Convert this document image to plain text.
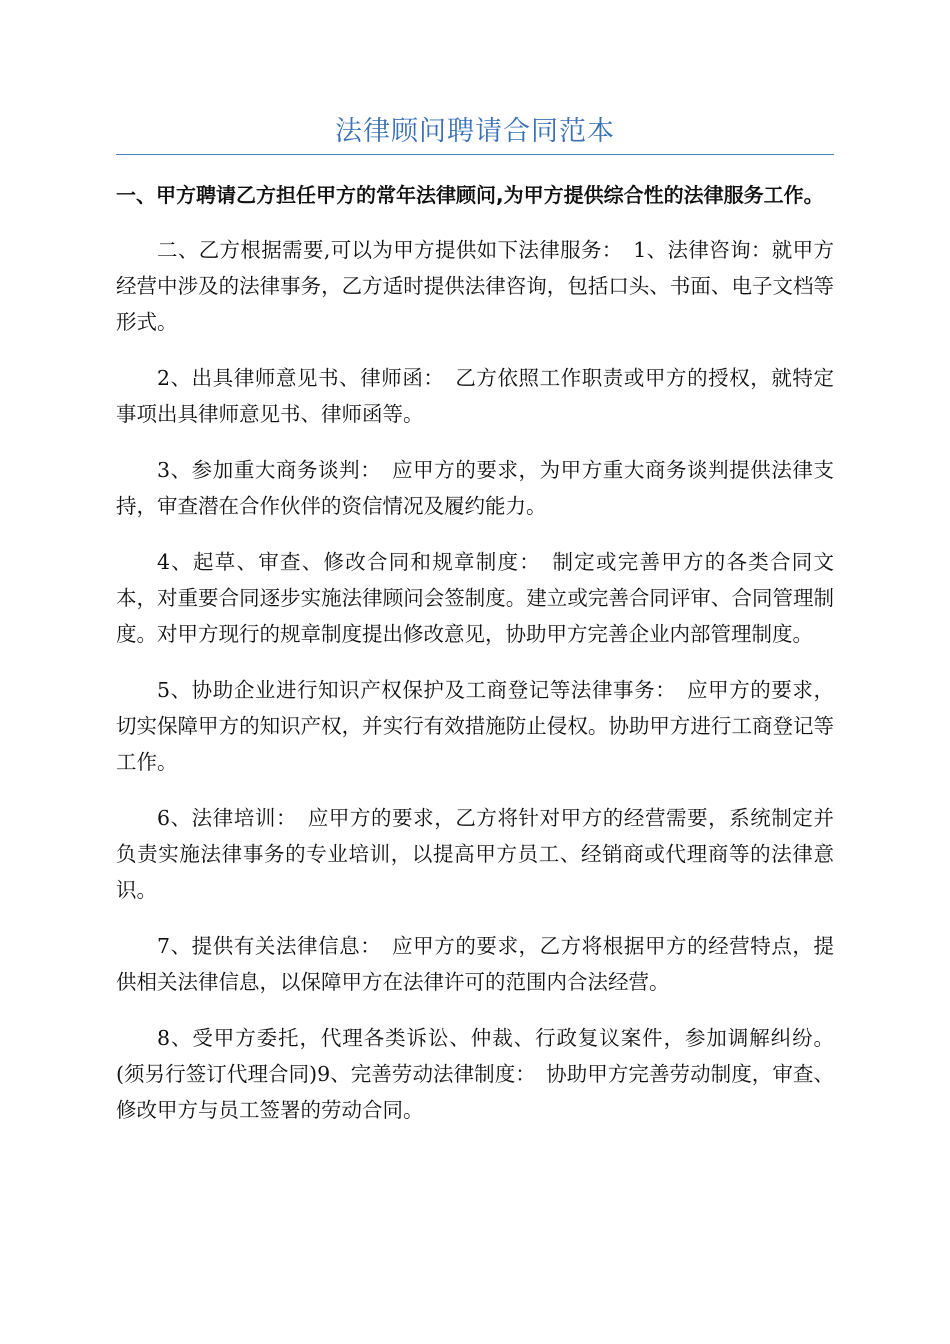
法律顾问聘请合同范本

一、甲方聘请乙方担任甲方的常年法律顾问,为甲方提供综合性的法律服务工作。

二、乙方根据需要,可以为甲方提供如下法律服务：　1、法律咨询：就甲方经营中涉及的法律事务，乙方适时提供法律咨询，包括口头、书面、电子文档等形式。

2、出具律师意见书、律师函：　乙方依照工作职责或甲方的授权，就特定事项出具律师意见书、律师函等。

3、参加重大商务谈判：　应甲方的要求，为甲方重大商务谈判提供法律支持，审查潜在合作伙伴的资信情况及履约能力。

4、起草、审查、修改合同和规章制度：　制定或完善甲方的各类合同文本，对重要合同逐步实施法律顾问会签制度。建立或完善合同评审、合同管理制度。对甲方现行的规章制度提出修改意见，协助甲方完善企业内部管理制度。

5、协助企业进行知识产权保护及工商登记等法律事务：　应甲方的要求，切实保障甲方的知识产权，并实行有效措施防止侵权。协助甲方进行工商登记等工作。

6、法律培训：　应甲方的要求，乙方将针对甲方的经营需要，系统制定并负责实施法律事务的专业培训，以提高甲方员工、经销商或代理商等的法律意识。

7、提供有关法律信息：　应甲方的要求，乙方将根据甲方的经营特点，提供相关法律信息，以保障甲方在法律许可的范围内合法经营。

8、受甲方委托，代理各类诉讼、仲裁、行政复议案件，参加调解纠纷。(须另行签订代理合同)9、完善劳动法律制度：　协助甲方完善劳动制度，审查、修改甲方与员工签署的劳动合同。
